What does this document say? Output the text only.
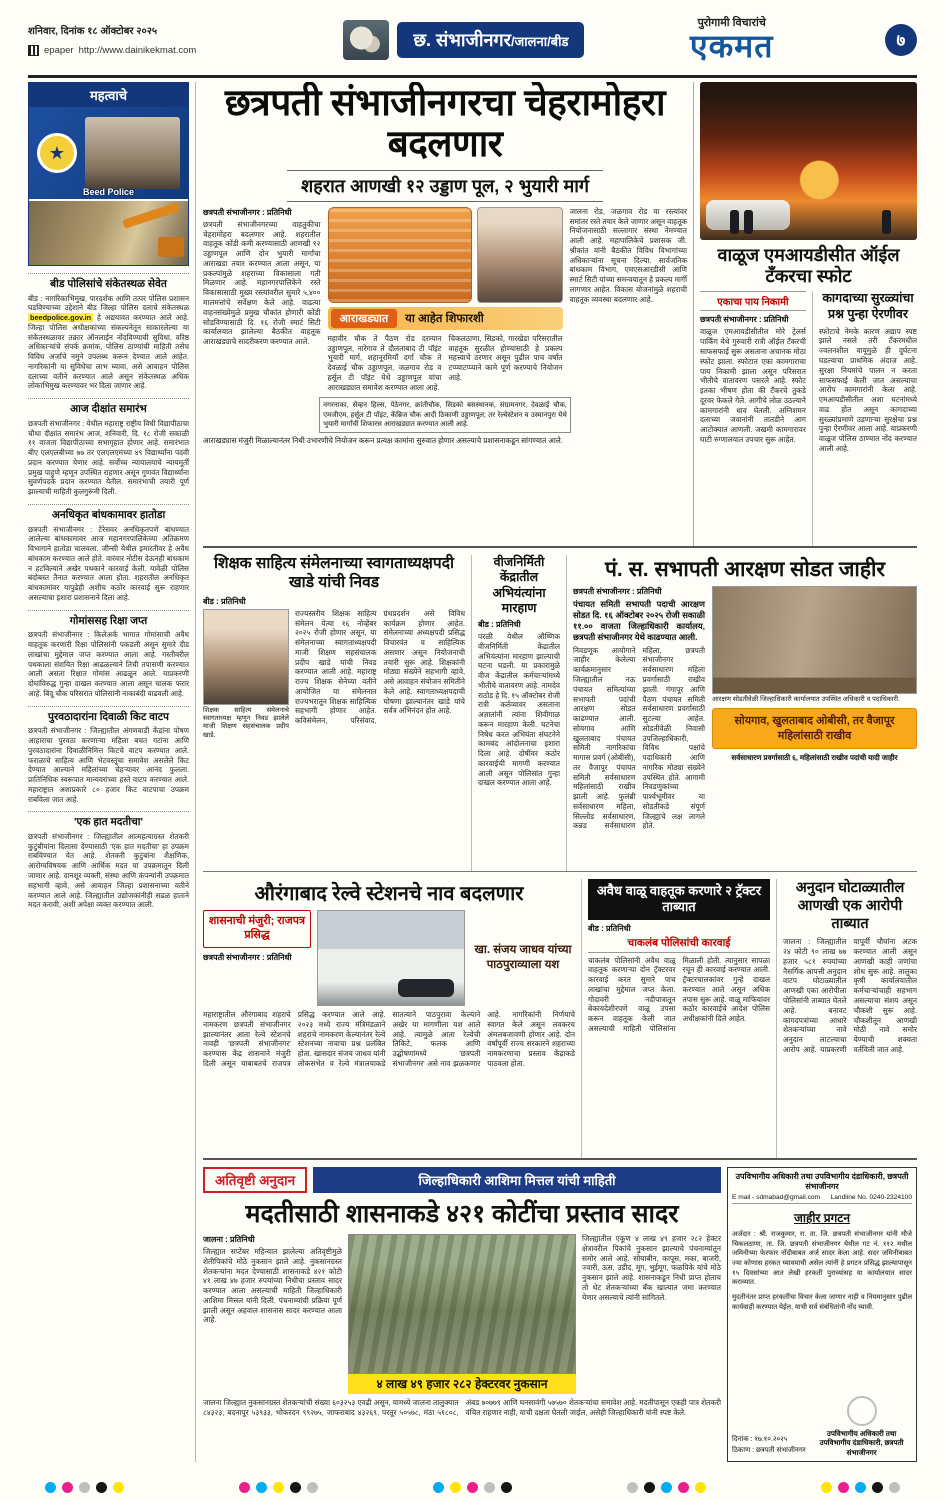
शनिवार, दिनांक १८ ऑक्टोबर २०२५
epaper http://www.dainikekmat.com
छ. संभाजीनगर/जालना/बीड
पुरोगामी विचारांचे
एकमत	७
महत्वाचे
★
Beed Police
बीड पोलिसांचे संकेतस्थळ सेवेत

बीड : नागरिकाभिमुख, पारदर्शक आणि तत्पर पोलिस प्रशासन घडविण्याच्या उद्देशाने बीड जिल्हा पोलिस दलाचे संकेतस्थळ beedpolice.gov.in हे अद्ययावत करण्यात आले आहे. जिल्हा पोलिस अधीक्षकांच्या संकल्पनेतून साकारलेल्या या संकेतस्थळावर तक्रार ऑनलाईन नोंदविण्याची सुविधा, वरिष्ठ अधिकाऱ्यांचे संपर्क क्रमांक, पोलिस ठाण्यांची माहिती तसेच विविध अर्जांचे नमुने उपलब्ध करून देण्यात आले आहेत. नागरिकांनी या सुविधेचा लाभ घ्यावा, असे आवाहन पोलिस दलाच्या वतीने करण्यात आले असून संकेतस्थळ अधिक लोकाभिमुख करण्यावर भर दिला जाणार आहे.

आज दीक्षांत समारंभ

छत्रपती संभाजीनगर : येथील महाराष्ट्र राष्ट्रीय विधी विद्यापीठाचा चौथा दीक्षांत समारंभ आज, शनिवारी, दि. १८ रोजी सकाळी ११ वाजता विद्यापीठाच्या सभागृहात होणार आहे. समारंभात बीए एलएलबीच्या ७७ तर एलएलएमच्या ४९ विद्यार्थ्यांना पदवी प्रदान करण्यात येणार आहे. सर्वोच्च न्यायालयाचे न्यायमूर्ती प्रमुख पाहुणे म्हणून उपस्थित राहणार असून गुणवंत विद्यार्थ्यांना सुवर्णपदके प्रदान करण्यात येतील. समारंभाची तयारी पूर्ण झाल्याची माहिती कुलगुरूंनी दिली.

अनधिकृत बांधकामावर हातोडा

छत्रपती संभाजीनगर : टेरेसवर अनधिकृतपणे बांधण्यात आलेल्या बांधकामावर आज महानगरपालिकेच्या अतिक्रमण विभागाने हातोडा चालवला. जीन्सी येथील इमारतीवर हे अवैध बांधकाम करण्यात आले होते. वारंवार नोटीस देऊनही बांधकाम न हटविल्याने अखेर पथकाने कारवाई केली. यावेळी पोलिस बंदोबस्त तैनात करण्यात आला होता. शहरातील अनधिकृत बांधकामांवर यापुढेही अशीच कठोर कारवाई सुरू राहणार असल्याचा इशारा प्रशासनाने दिला आहे.

गोमांससह रिक्षा जप्त

छत्रपती संभाजीनगर : किलेअर्क भागात गोमांसाची अवैध वाहतूक करणारी रिक्षा पोलिसांनी पकडली असून सुमारे दीड लाखांचा मुद्देमाल जप्त करण्यात आला आहे. गस्तीवरील पथकाला संशयित रिक्षा आढळल्याने तिची तपासणी करण्यात आली असता रिक्षात गोमांस आढळून आले. याप्रकरणी दोघांविरुद्ध गुन्हा दाखल करण्यात आला असून चालक फरार आहे. बिंदू चौक परिसरात पोलिसांनी नाकाबंदी वाढवली आहे.

पुरवठादारांना दिवाळी किट वाटप

छत्रपती संभाजीनगर : जिल्ह्यातील अंगणवाडी केंद्रांना पोषण आहाराचा पुरवठा करणाऱ्या महिला बचत गटांना आणि पुरवठादारांना दिवाळीनिमित्त किटचे वाटप करण्यात आले. फराळाचे साहित्य आणि भेटवस्तूंचा समावेश असलेले किट देण्यात आल्याने महिलांच्या चेहऱ्यावर आनंद फुलला. प्रातिनिधिक स्वरूपात मान्यवरांच्या हस्ते वाटप करण्यात आले. महाराष्ट्रात अशाप्रकारे ८० हजार किट वाटपाचा उपक्रम राबविला जात आहे.

'एक हात मदतीचा'

छत्रपती संभाजीनगर : जिल्ह्यातील आत्महत्याग्रस्त शेतकरी कुटुंबीयांना दिलासा देण्यासाठी 'एक हात मदतीचा' हा उपक्रम राबविण्यात येत आहे. शेतकरी कुटुंबांना शैक्षणिक, आरोग्यविषयक आणि आर्थिक मदत या उपक्रमातून दिली जाणार आहे. दानशूर व्यक्ती, संस्था आणि कंपन्यांनी उपक्रमात सहभागी व्हावे, असे आवाहन जिल्हा प्रशासनाच्या वतीने करण्यात आले आहे. जिल्ह्यातील उद्योजकांनीही सढळ हाताने मदत करावी, अशी अपेक्षा व्यक्त करण्यात आली.

छत्रपती संभाजीनगरचा चेहरामोहरा बदलणार
शहरात आणखी १२ उड्डाण पूल, २ भुयारी मार्ग
छत्रपती संभाजीनगर : प्रतिनिधी

छत्रपती संभाजीनगरच्या वाहतुकीचा चेहरामोहरा बदलणार आहे. शहरातील वाहतूक कोंडी कमी करण्यासाठी आणखी १२ उड्डाणपूल आणि दोन भुयारी मार्गांचा आराखडा तयार करण्यात आला असून, या प्रकल्पांमुळे शहराच्या विकासाला गती मिळणार आहे. महानगरपालिकेने रस्ते विकासासाठी मुख्य रस्त्यांवरील सुमारे ५,४०० मालमत्तांचे सर्वेक्षण केले आहे. वाढत्या वाहनसंख्येमुळे प्रमुख चौकांत होणारी कोंडी सोडविण्यासाठी दि. १६ रोजी स्मार्ट सिटी कार्यालयात झालेल्या बैठकीत वाहतूक आराखड्याचे सादरीकरण करण्यात आले.

आराखड्यात	या आहेत शिफारशी

महावीर चौक ते पैठण रोड दरम्यान उड्डाणपूल, नारेगाव ते दौलताबाद टी पॉइंट भुयारी मार्ग, शहानूरमियाँ दर्गा चौक ते देवळाई चौक उड्डाणपूल, जळगाव रोड व हर्सूल टी पॉइंट येथे उड्डाणपूल यांचा आराखड्यात समावेश करण्यात आला आहे.

चिकलठाणा, सिडको, गारखेडा परिसरातील वाहतूक सुरळीत होण्यासाठी हे प्रकल्प महत्त्वाचे ठरणार असून पुढील पाच वर्षांत टप्प्याटप्प्याने कामे पूर्ण करण्याचे नियोजन आहे.

जालना रोड, जळगाव रोड या रस्त्यांवर समांतर रस्ते तयार केले जाणार असून वाहतूक नियोजनासाठी सल्लागार संस्था नेमण्यात आली आहे. महापालिकेचे प्रशासक जी. श्रीकांत यांनी बैठकीत विविध विभागांच्या अधिकाऱ्यांना सूचना दिल्या. सार्वजनिक बांधकाम विभाग, एमएसआरडीसी आणि स्मार्ट सिटी यांच्या समन्वयातून हे प्रकल्प मार्गी लागणार आहेत. विकास योजनांमुळे शहराची वाहतूक व्यवस्था बदलणार आहे.

नगरनाका, सेव्हन हिल्स, पेठेनगर, क्रांतीचौक, सिडको बसस्थानक, संग्रामनगर, देवळाई चौक, एमजीएम, हर्सूल टी पॉइंट, केंब्रिज चौक आदी ठिकाणी उड्डाणपूल; तर रेल्वेस्टेशन व उस्मानपुरा येथे भुयारी मार्गांची शिफारस आराखड्यात करण्यात आली आहे.

आराखड्यास मंजुरी मिळाल्यानंतर निधी उभारणीचे नियोजन करून प्रत्यक्ष कामांना सुरुवात होणार असल्याचे प्रशासनाकडून सांगण्यात आले.

वाळूज एमआयडीसीत ऑईल टँकरचा स्फोट
एकाचा पाय निकामी
छत्रपती संभाजीनगर : प्रतिनिधी

वाळूज एमआयडीसीतील मोरे ट्रेलर्स पार्किंग येथे गुरुवारी रात्री ऑईल टँकरची साफसफाई सुरू असताना अचानक मोठा स्फोट झाला. स्फोटात एका कामगाराचा पाय निकामी झाला असून परिसरात भीतीचे वातावरण पसरले आहे. स्फोट इतका भीषण होता की टँकरचे तुकडे दूरवर फेकले गेले. आगीचे लोळ उठल्याने कामगारांनी धाव घेतली. अग्निशमन दलाच्या जवानांनी तातडीने आग आटोक्यात आणली. जखमी कामगारावर घाटी रुग्णालयात उपचार सुरू आहेत.

कागदाच्या सुरळ्यांचा प्रश्न पुन्हा ऐरणीवर

स्फोटाचे नेमके कारण अद्याप स्पष्ट झाले नसले तरी टँकरमधील ज्वलनशील वायूमुळे ही दुर्घटना घडल्याचा प्राथमिक अंदाज आहे. सुरक्षा नियमांचे पालन न करता साफसफाई केली जात असल्याचा आरोप कामगारांनी केला आहे. एमआयडीसीतील अशा घटनांमध्ये वाढ होत असून कागदाच्या सुरळ्यांप्रमाणे उडणाऱ्या सुरक्षेचा प्रश्न पुन्हा ऐरणीवर आला आहे. याप्रकरणी वाळूज पोलिस ठाण्यात नोंद करण्यात आली आहे.

शिक्षक साहित्य संमेलनाच्या स्वागताध्यक्षपदी खाडे यांची निवड
बीड : प्रतिनिधी
शिक्षक साहित्य संमेलनाचे स्वागताध्यक्ष म्हणून निवड झालेले माजी शिक्षण सहसंचालक प्रदीप खाडे.

राज्यस्तरीय शिक्षक साहित्य संमेलन येत्या १६ नोव्हेंबर २०२५ रोजी होणार असून, या संमेलनाच्या स्वागताध्यक्षपदी माजी शिक्षण सहसंचालक प्रदीप खाडे यांची निवड करण्यात आली आहे. महाराष्ट्र राज्य शिक्षक सेनेच्या वतीने आयोजित या संमेलनात राज्यभरातून शिक्षक साहित्यिक सहभागी होणार आहेत. कविसंमेलन, परिसंवाद, ग्रंथप्रदर्शन असे विविध कार्यक्रम होणार आहेत. संमेलनाच्या अध्यक्षपदी प्रसिद्ध विचारवंत व साहित्यिक असणार असून नियोजनाची तयारी सुरू आहे. शिक्षकांनी मोठ्या संख्येने सहभागी व्हावे, असे आवाहन संयोजन समितीने केले आहे. स्वागताध्यक्षपदाची घोषणा झाल्यानंतर खाडे यांचे सर्वत्र अभिनंदन होत आहे.

वीजनिर्मिती केंद्रातील अभियंत्यांना मारहाण
बीड : प्रतिनिधी

परळी येथील औष्णिक वीजनिर्मिती केंद्रातील अभियंत्यांना मारहाण झाल्याची घटना घडली. या प्रकारामुळे वीज केंद्रातील कर्मचाऱ्यांमध्ये भीतीचे वातावरण आहे. नामदेव राठोड हे दि. १५ ऑक्टोबर रोजी रात्री कर्तव्यावर असताना अज्ञातांनी त्यांना शिवीगाळ करून मारहाण केली. घटनेचा निषेध करत अभियंता संघटनेने कामबंद आंदोलनाचा इशारा दिला आहे. दोषींवर कठोर कारवाईची मागणी करण्यात आली असून पोलिसांत गुन्हा दाखल करण्यात आला आहे.

पं. स. सभापती आरक्षण सोडत जाहीर
छत्रपती संभाजीनगर : प्रतिनिधी

पंचायत समिती सभापती पदाची आरक्षण सोडत दि. १६ ऑक्टोबर २०२५ रोजी सकाळी ११.०० वाजता जिल्हाधिकारी कार्यालय, छत्रपती संभाजीनगर येथे काढण्यात आली.

निवडणूक आयोगाने जाहीर केलेल्या कार्यक्रमानुसार जिल्ह्यातील नऊ पंचायत समित्यांच्या सभापती पदांची आरक्षण सोडत काढण्यात आली. सोयगाव आणि खुलताबाद पंचायत समिती नागरिकांचा मागास प्रवर्ग (ओबीसी), तर वैजापूर पंचायत समिती सर्वसाधारण महिलांसाठी राखीव झाली आहे. फुलंब्री सर्वसाधारण महिला, सिल्लोड सर्वसाधारण, कन्नड सर्वसाधारण महिला, छत्रपती संभाजीनगर सर्वसाधारण महिला प्रवर्गासाठी राखीव झाली. गंगापूर आणि पैठण पंचायत समिती सर्वसाधारण प्रवर्गासाठी सुटल्या आहेत. सोडतीवेळी निवासी उपजिल्हाधिकारी, विविध पक्षांचे पदाधिकारी आणि नागरिक मोठ्या संख्येने उपस्थित होते. आगामी निवडणुकांच्या पार्श्वभूमीवर या सोडतीकडे संपूर्ण जिल्ह्याचे लक्ष लागले होते.

आरक्षण सोडतीवेळी जिल्हाधिकारी कार्यालयात उपस्थित अधिकारी व पदाधिकारी.
सोयगाव, खुलताबाद ओबीसी, तर वैजापूर महिलांसाठी राखीव
सर्वसाधारण प्रवर्गासाठी ६, महिलांसाठी राखीव पदांची यादी जाहीर
औरंगाबाद रेल्वे स्टेशनचे नाव बदलणार
शासनाची मंजुरी; राजपत्र प्रसिद्ध
छत्रपती संभाजीनगर : प्रतिनिधी
खा. संजय जाधव यांच्या पाठपुराव्याला यश

महाराष्ट्रातील औरंगाबाद शहराचे नामकरण छत्रपती संभाजीनगर झाल्यानंतर आता रेल्वे स्टेशनचे नावही 'छत्रपती संभाजीनगर' करण्यास केंद्र शासनाने मंजुरी दिली असून याबाबतचे राजपत्र प्रसिद्ध करण्यात आले आहे. २०२३ मध्ये राज्य मंत्रिमंडळाने शहराचे नामकरण केल्यानंतर रेल्वे स्टेशनच्या नावाचा प्रश्न प्रलंबित होता. खासदार संजय जाधव यांनी लोकसभेत व रेल्वे मंत्रालयाकडे सातत्याने पाठपुरावा केल्याने अखेर या मागणीला यश आले आहे. त्यामुळे आता रेल्वेची तिकिटे, फलक आणि उद्घोषणांमध्ये 'छत्रपती संभाजीनगर' असे नाव झळकणार आहे. नागरिकांनी निर्णयाचे स्वागत केले असून लवकरच अंमलबजावणी होणार आहे. दोन वर्षांपूर्वी राज्य सरकारने शहराच्या नामकरणाचा प्रस्ताव केंद्राकडे पाठवला होता.

अवैध वाळू वाहतूक करणारे २ ट्रॅक्टर ताब्यात
बीड : प्रतिनिधी
चाकलंब पोलिसांची कारवाई

चाकलंब पोलिसांनी अवैध वाळू वाहतूक करणाऱ्या दोन ट्रॅक्टरवर कारवाई करत सुमारे पाच लाखांचा मुद्देमाल जप्त केला. गोदावरी नदीपात्रातून बेकायदेशीरपणे वाळू उपसा करून वाहतूक केली जात असल्याची माहिती पोलिसांना मिळाली होती. त्यानुसार सापळा रचून ही कारवाई करण्यात आली. ट्रॅक्टरचालकांवर गुन्हे दाखल करण्यात आले असून अधिक तपास सुरू आहे. वाळू माफियांवर कठोर कारवाईचे आदेश पोलिस अधीक्षकांनी दिले आहेत.

अनुदान घोटाळ्यातील आणखी एक आरोपी ताब्यात

जालना : जिल्ह्यातील २४ कोटी ९० लाख ७७ हजार ५८१ रुपयांच्या नैसर्गिक आपत्ती अनुदान वाटप घोटाळ्यातील आणखी एका आरोपीला पोलिसांनी ताब्यात घेतले आहे. बनावट कागदपत्रांच्या आधारे शेतकऱ्यांच्या नावे अनुदान लाटल्याचा आरोप आहे. याप्रकरणी यापूर्वी चौघांना अटक करण्यात आली असून आणखी काही जणांचा शोध सुरू आहे. तालुका कृषी कार्यालयातील कर्मचाऱ्यांचाही सहभाग असल्याचा संशय असून चौकशी सुरू आहे. चौकशीतून आणखी मोठी नावे समोर येण्याची शक्यता वर्तविली जात आहे.

अतिवृष्टी अनुदान	जिल्हाधिकारी आशिमा मित्तल यांची माहिती
मदतीसाठी शासनाकडे ४२१ कोटींचा प्रस्ताव सादर
जालना : प्रतिनिधी

जिल्ह्यात सप्टेंबर महिन्यात झालेल्या अतिवृष्टीमुळे शेतीपिकांचे मोठे नुकसान झाले आहे. नुकसानग्रस्त शेतकऱ्यांना मदत देण्यासाठी शासनाकडे ४२१ कोटी ४१ लाख ४७ हजार रुपयांच्या निधीचा प्रस्ताव सादर करण्यात आला असल्याची माहिती जिल्हाधिकारी आशिमा मित्तल यांनी दिली. पंचनाम्यांची प्रक्रिया पूर्ण झाली असून अहवाल शासनास सादर करण्यात आला आहे.

४ लाख ४९ हजार २८२ हेक्टरवर नुकसान

जिल्ह्यातील एकूण ४ लाख ४९ हजार २८२ हेक्टर क्षेत्रावरील पिकांचे नुकसान झाल्याचे पंचनाम्यांतून समोर आले आहे. सोयाबीन, कापूस, मका, बाजरी, ज्वारी, ऊस, उडीद, मूग, भुईमूग, फळपिके यांचे मोठे नुकसान झाले आहे. शासनाकडून निधी प्राप्त होताच तो थेट शेतकऱ्यांच्या बँक खात्यात जमा करण्यात येणार असल्याचे त्यांनी सांगितले.

जालना जिल्ह्यात नुकसानग्रस्त शेतकऱ्यांची संख्या ६०३२५३ एवढी असून, यामध्ये जालना तालुक्यात ८४३२३, बदनापूर ५३९३३, भोकरदन ९९२७५, जाफराबाद ४३२६९, परतूर ५०५७८, मंठा ५१८०८, अंबड ७०७७९ आणि घनसावंगी ५७५७० शेतकऱ्यांचा समावेश आहे. मदतीपासून एकही पात्र शेतकरी वंचित राहणार नाही, याची दक्षता घेतली जाईल, असेही जिल्हाधिकारी यांनी स्पष्ट केले.

उपविभागीय अधिकारी तथा उपविभागीय दंडाधिकारी, छत्रपती संभाजीनगर
E mail - sdmabad@gmail.com Landline No. 0240-2324100
जाहीर प्रगटन

अर्जदार : श्री. राजकुमार, रा. ता. जि. छत्रपती संभाजीनगर यांनी मौजे चिकलठाणा, ता. जि. छत्रपती संभाजीनगर येथील गट नं. ११२ मधील जमिनीच्या फेरफार नोंदीबाबत अर्ज सादर केला आहे. सदर जमिनीबाबत ज्या कोणास हरकत घ्यावयाची असेल त्यांनी हे प्रगटन प्रसिद्ध झाल्यापासून १५ दिवसांच्या आत लेखी हरकती पुराव्यांसह या कार्यालयात सादर कराव्यात.

मुदतीनंतर प्राप्त हरकतींचा विचार केला जाणार नाही व नियमानुसार पुढील कार्यवाही करण्यात येईल, याची सर्व संबंधितांनी नोंद घ्यावी.

दिनांक : १७.१०.२०२५
ठिकाण : छत्रपती संभाजीनगर
उपविभागीय अधिकारी तथा उपविभागीय दंडाधिकारी, छत्रपती संभाजीनगर
